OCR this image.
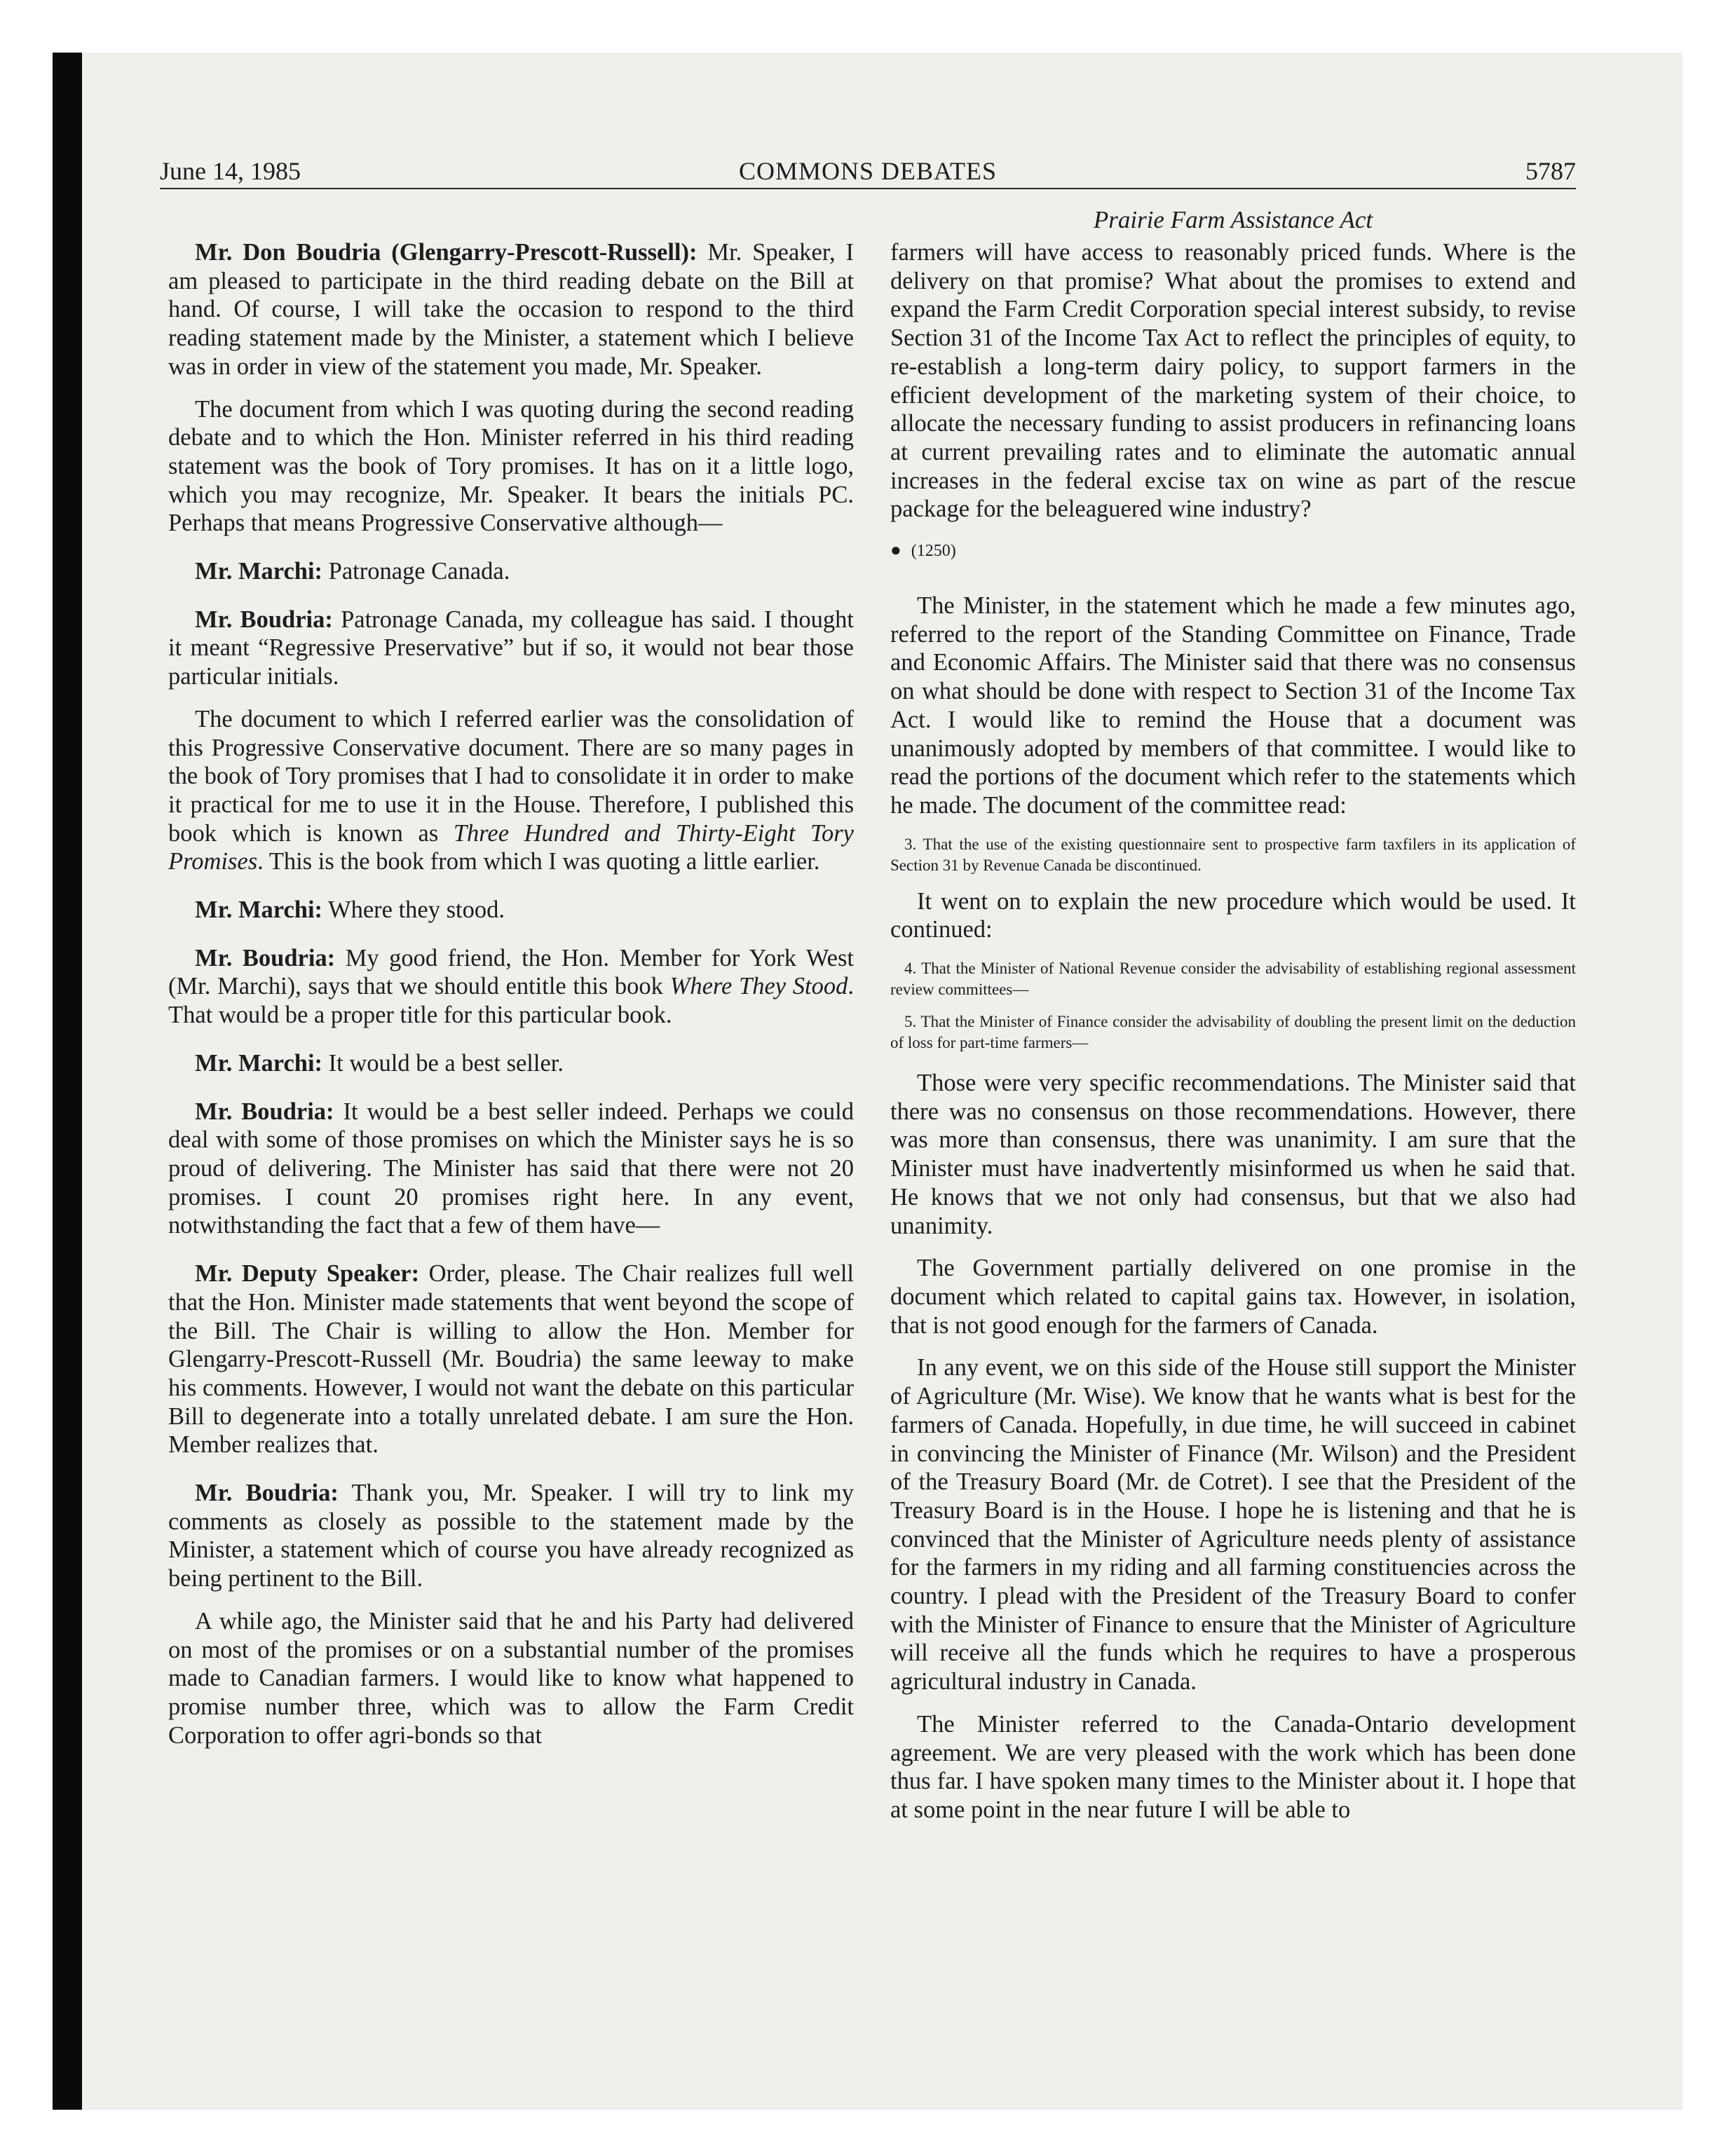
June 14, 1985	COMMONS DEBATES	5787
Prairie Farm Assistance Act

Mr. Don Boudria (Glengarry-Prescott-Russell): Mr. Speaker, I am pleased to participate in the third reading debate on the Bill at hand. Of course, I will take the occasion to respond to the third reading statement made by the Minister, a statement which I believe was in order in view of the statement you made, Mr. Speaker.

The document from which I was quoting during the second reading debate and to which the Hon. Minister referred in his third reading statement was the book of Tory promises. It has on it a little logo, which you may recognize, Mr. Speaker. It bears the initials PC. Perhaps that means Progressive Conservative although—

Mr. Marchi: Patronage Canada.

Mr. Boudria: Patronage Canada, my colleague has said. I thought it meant “Regressive Preservative” but if so, it would not bear those particular initials.

The document to which I referred earlier was the consolidation of this Progressive Conservative document. There are so many pages in the book of Tory promises that I had to consolidate it in order to make it practical for me to use it in the House. Therefore, I published this book which is known as Three Hundred and Thirty-Eight Tory Promises. This is the book from which I was quoting a little earlier.

Mr. Marchi: Where they stood.

Mr. Boudria: My good friend, the Hon. Member for York West (Mr. Marchi), says that we should entitle this book Where They Stood. That would be a proper title for this particular book.

Mr. Marchi: It would be a best seller.

Mr. Boudria: It would be a best seller indeed. Perhaps we could deal with some of those promises on which the Minister says he is so proud of delivering. The Minister has said that there were not 20 promises. I count 20 promises right here. In any event, notwithstanding the fact that a few of them have—

Mr. Deputy Speaker: Order, please. The Chair realizes full well that the Hon. Minister made statements that went beyond the scope of the Bill. The Chair is willing to allow the Hon. Member for Glengarry-Prescott-Russell (Mr. Boudria) the same leeway to make his comments. However, I would not want the debate on this particular Bill to degenerate into a totally unrelated debate. I am sure the Hon. Member realizes that.

Mr. Boudria: Thank you, Mr. Speaker. I will try to link my comments as closely as possible to the statement made by the Minister, a statement which of course you have already recognized as being pertinent to the Bill.

A while ago, the Minister said that he and his Party had delivered on most of the promises or on a substantial number of the promises made to Canadian farmers. I would like to know what happened to promise number three, which was to allow the Farm Credit Corporation to offer agri-bonds so that

farmers will have access to reasonably priced funds. Where is the delivery on that promise? What about the promises to extend and expand the Farm Credit Corporation special interest subsidy, to revise Section 31 of the Income Tax Act to reflect the principles of equity, to re-establish a long-term dairy policy, to support farmers in the efficient development of the marketing system of their choice, to allocate the necessary funding to assist producers in refinancing loans at current prevailing rates and to eliminate the automatic annual increases in the federal excise tax on wine as part of the rescue package for the beleaguered wine industry?

● (1250)

The Minister, in the statement which he made a few minutes ago, referred to the report of the Standing Committee on Finance, Trade and Economic Affairs. The Minister said that there was no consensus on what should be done with respect to Section 31 of the Income Tax Act. I would like to remind the House that a document was unanimously adopted by members of that committee. I would like to read the portions of the document which refer to the statements which he made. The document of the committee read:

3. That the use of the existing questionnaire sent to prospective farm taxfilers in its application of Section 31 by Revenue Canada be discontinued.

It went on to explain the new procedure which would be used. It continued:

4. That the Minister of National Revenue consider the advisability of establishing regional assessment review committees—

5. That the Minister of Finance consider the advisability of doubling the present limit on the deduction of loss for part-time farmers—

Those were very specific recommendations. The Minister said that there was no consensus on those recommendations. However, there was more than consensus, there was unanimity. I am sure that the Minister must have inadvertently misinformed us when he said that. He knows that we not only had consensus, but that we also had unanimity.

The Government partially delivered on one promise in the document which related to capital gains tax. However, in isolation, that is not good enough for the farmers of Canada.

In any event, we on this side of the House still support the Minister of Agriculture (Mr. Wise). We know that he wants what is best for the farmers of Canada. Hopefully, in due time, he will succeed in cabinet in convincing the Minister of Finance (Mr. Wilson) and the President of the Treasury Board (Mr. de Cotret). I see that the President of the Treasury Board is in the House. I hope he is listening and that he is convinced that the Minister of Agriculture needs plenty of assistance for the farmers in my riding and all farming constituencies across the country. I plead with the President of the Treasury Board to confer with the Minister of Finance to ensure that the Minister of Agriculture will receive all the funds which he requires to have a prosperous agricultural industry in Canada.

The Minister referred to the Canada-Ontario development agreement. We are very pleased with the work which has been done thus far. I have spoken many times to the Minister about it. I hope that at some point in the near future I will be able to
